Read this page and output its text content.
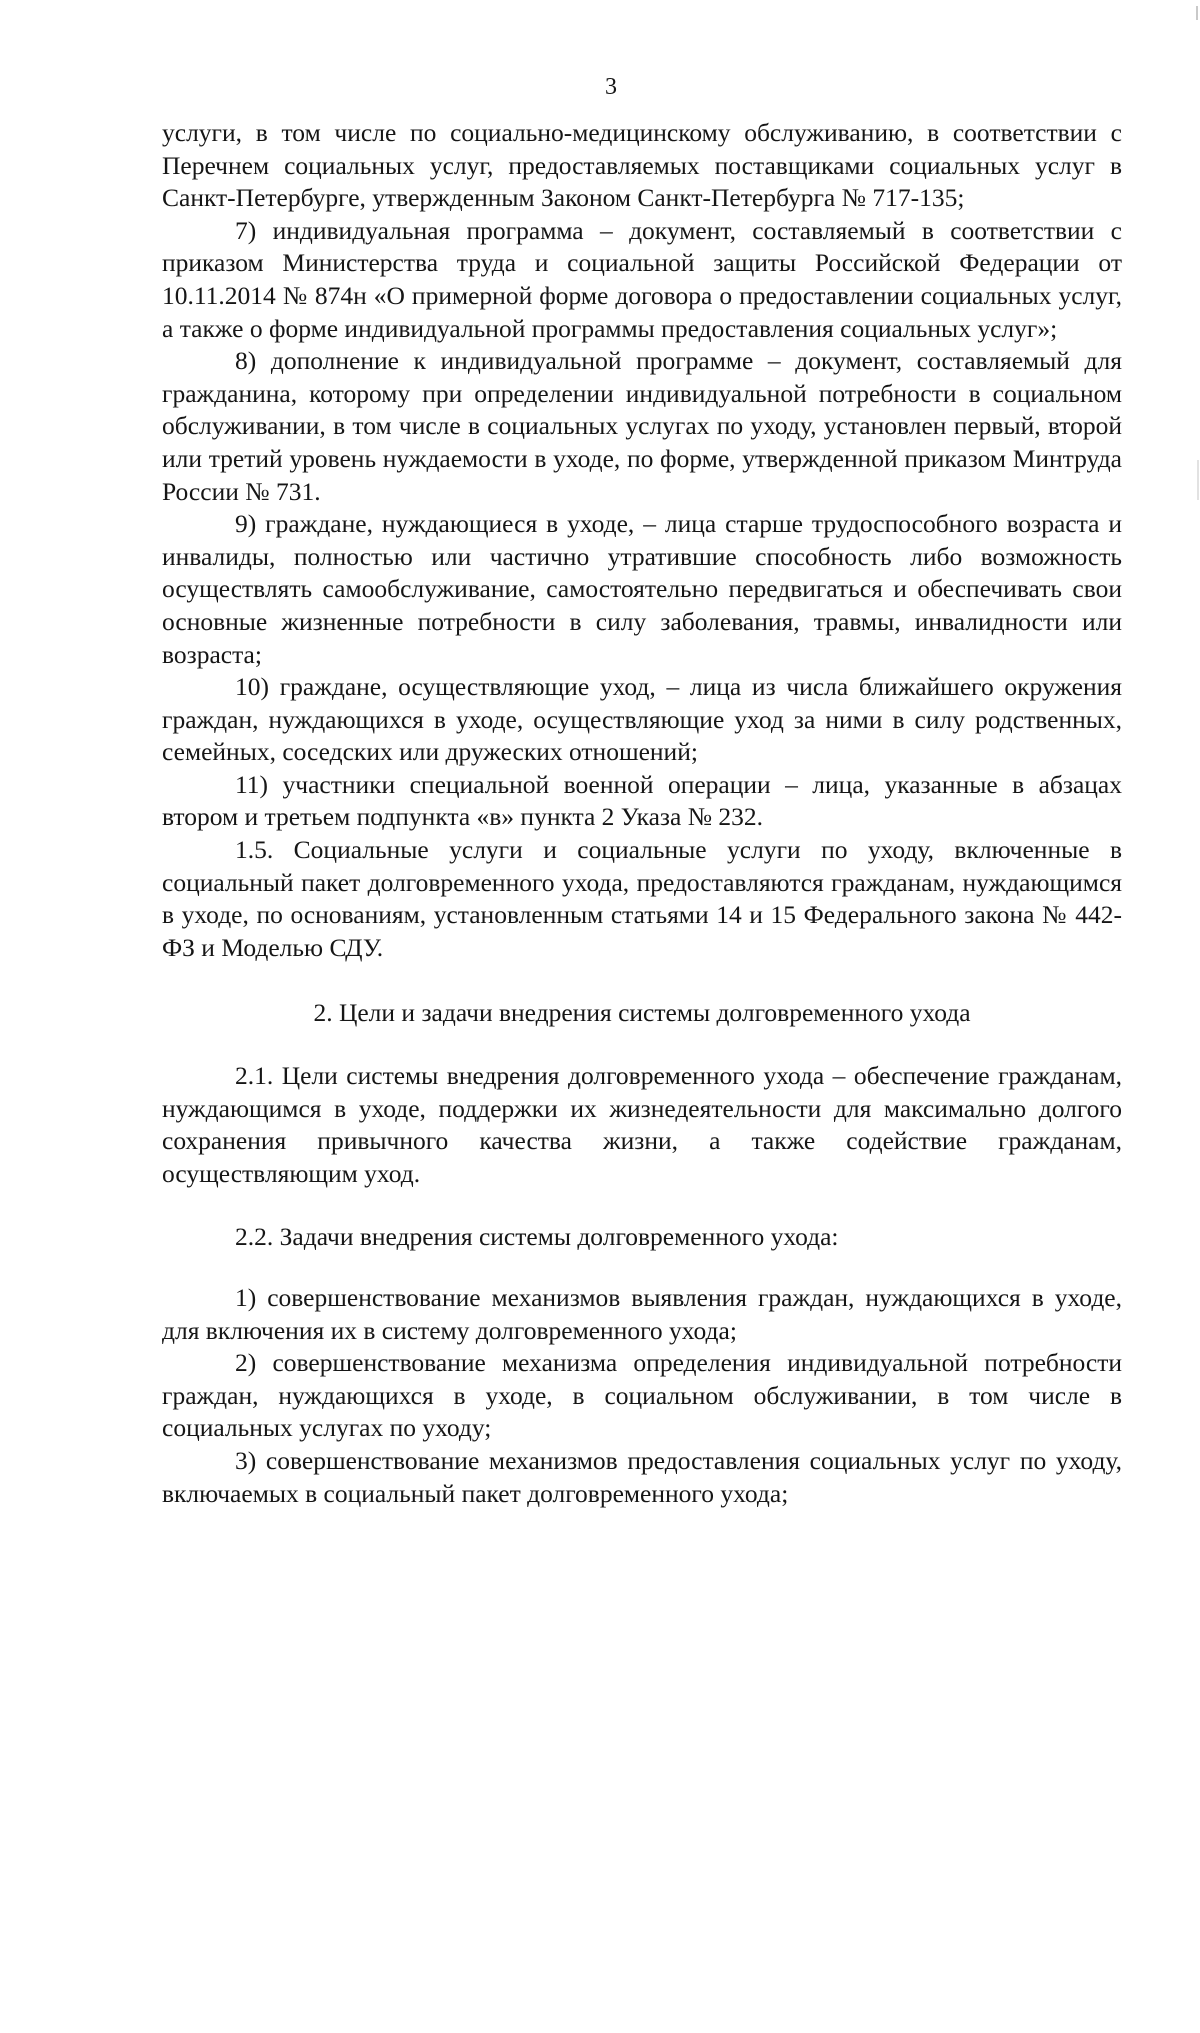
3

услуги, в том числе по социально-медицинскому обслуживанию, в соответствии с Перечнем социальных услуг, предоставляемых поставщиками социальных услуг в Санкт-Петербурге, утвержденным Законом Санкт-Петербурга № 717-135;

7) индивидуальная программа – документ, составляемый в соответствии с приказом Министерства труда и социальной защиты Российской Федерации от 10.11.2014 № 874н «О примерной форме договора о предоставлении социальных услуг, а также о форме индивидуальной программы предоставления социальных услуг»;

8) дополнение к индивидуальной программе – документ, составляемый для гражданина, которому при определении индивидуальной потребности в социальном обслуживании, в том числе в социальных услугах по уходу, установлен первый, второй или третий уровень нуждаемости в уходе, по форме, утвержденной приказом Минтруда России № 731.

9) граждане, нуждающиеся в уходе, – лица старше трудоспособного возраста и инвалиды, полностью или частично утратившие способность либо возможность осуществлять самообслуживание, самостоятельно передвигаться и обеспечивать свои основные жизненные потребности в силу заболевания, травмы, инвалидности или возраста;

10) граждане, осуществляющие уход, – лица из числа ближайшего окружения граждан, нуждающихся в уходе, осуществляющие уход за ними в силу родственных, семейных, соседских или дружеских отношений;

11) участники специальной военной операции – лица, указанные в абзацах втором и третьем подпункта «в» пункта 2 Указа № 232.

1.5. Социальные услуги и социальные услуги по уходу, включенные в социальный пакет долговременного ухода, предоставляются гражданам, нуждающимся в уходе, по основаниям, установленным статьями 14 и 15 Федерального закона № 442-ФЗ и Моделью СДУ.

2. Цели и задачи внедрения системы долговременного ухода

2.1. Цели системы внедрения долговременного ухода – обеспечение гражданам, нуждающимся в уходе, поддержки их жизнедеятельности для максимально долгого сохранения привычного качества жизни, а также содействие гражданам, осуществляющим уход.

2.2. Задачи внедрения системы долговременного ухода:

1) совершенствование механизмов выявления граждан, нуждающихся в уходе, для включения их в систему долговременного ухода;

2) совершенствование механизма определения индивидуальной потребности граждан, нуждающихся в уходе, в социальном обслуживании, в том числе в социальных услугах по уходу;

3) совершенствование механизмов предоставления социальных услуг по уходу, включаемых в социальный пакет долговременного ухода;
